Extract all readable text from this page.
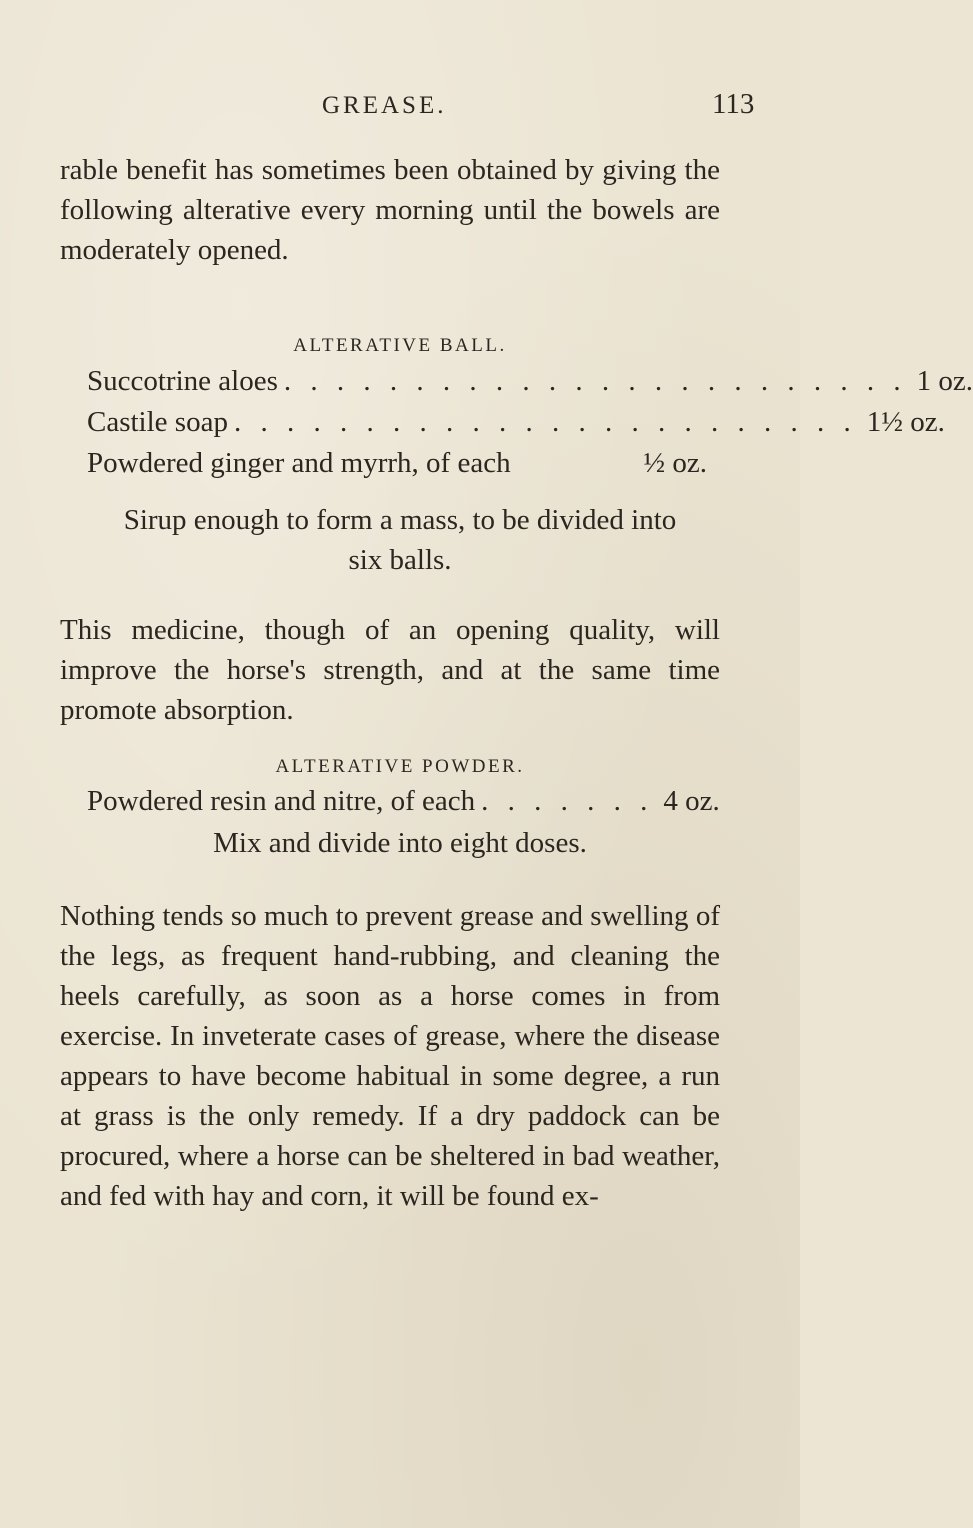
GREASE.	113

rable benefit has sometimes been obtained by giving the following alterative every morning until the bowels are moderately opened.

ALTERATIVE BALL.
Succotrine aloes . . . . . . . . . . . . . . . . . . . . . . . . 1 oz.
Castile soap . . . . . . . . . . . . . . . . . . . . . . . . 1½ oz.
Powdered ginger and myrrh, of each	½ oz.
Sirup enough to form a mass, to be divided into
six balls.

This medicine, though of an opening quality, will improve the horse's strength, and at the same time promote absorption.

ALTERATIVE POWDER.
Powdered resin and nitre, of each . . . . . . . 4 oz.
Mix and divide into eight doses.

Nothing tends so much to prevent grease and swelling of the legs, as frequent hand-rubbing, and cleaning the heels carefully, as soon as a horse comes in from exercise. In inveterate cases of grease, where the disease appears to have become habitual in some degree, a run at grass is the only remedy. If a dry paddock can be procured, where a horse can be sheltered in bad weather, and fed with hay and corn, it will be found ex-
